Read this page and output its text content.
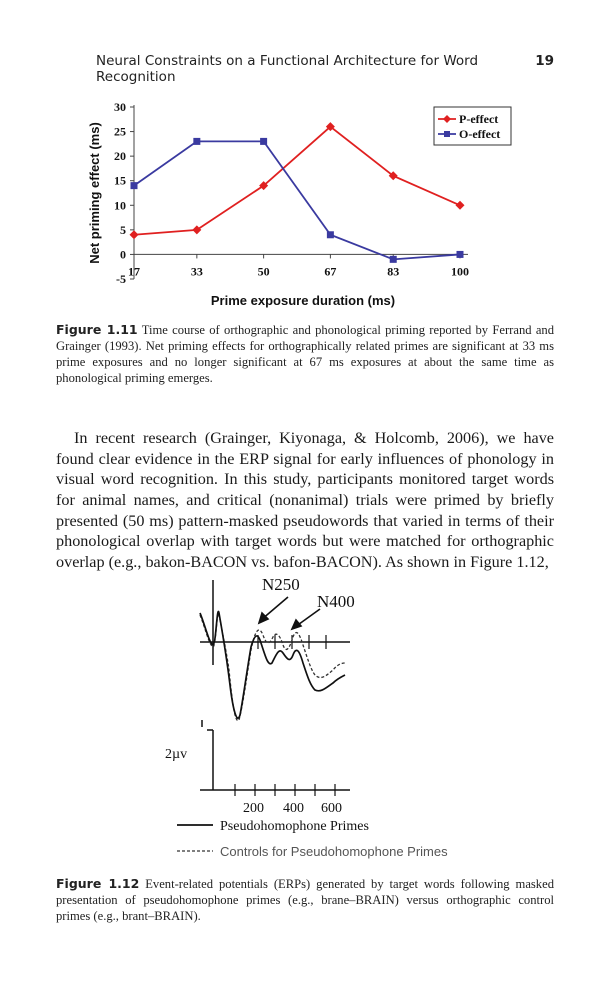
Neural Constraints on a Functional Architecture for Word Recognition
19
-5
0
5
10
15
20
25
30
17	33	50	67	83	100
P-effect
O-effect
Prime exposure duration (ms)
Net priming effect (ms)
Figure 1.11 Time course of orthographic and phonological priming reported by Ferrand and Grainger (1993). Net priming effects for orthographically related primes are significant at 33 ms prime exposures and no longer significant at 67 ms exposures at about the same time as phonological priming emerges.

In recent research (Grainger, Kiyonaga, & Holcomb, 2006), we have found clear evidence in the ERP signal for early influences of phonology in visual word recognition. In this study, participants monitored target words for animal names, and critical (nonanimal) trials were primed by briefly presented (50 ms) pattern-masked pseudowords that varied in terms of their phonological overlap with target words but were matched for orthographic overlap (e.g., bakon-BACON vs. bafon-BACON). As shown in Figure 1.12,

N250
N400
2µv
200 400 600
Pseudohomophone Primes
Controls for Pseudohomophone Primes
Figure 1.12 Event-related potentials (ERPs) generated by target words following masked presentation of pseudohomophone primes (e.g., brane–BRAIN) versus orthographic control primes (e.g., brant–BRAIN).
